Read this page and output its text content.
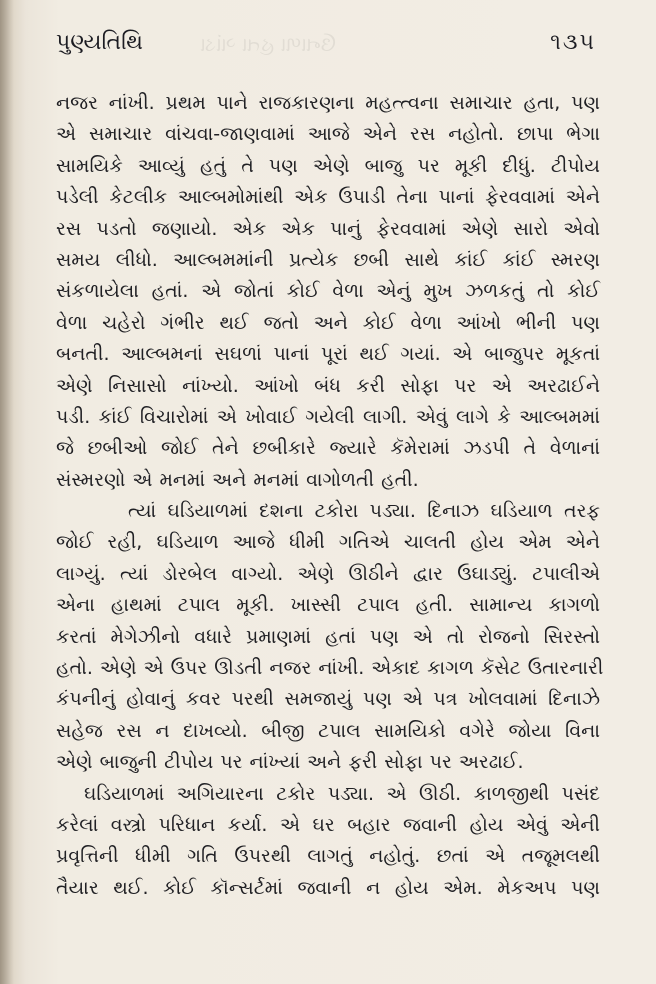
ઉનાળા હતા ગાંડા
પુણ્યતિથિ	૧૩૫
નજર નાંખી. પ્રથમ પાને રાજકારણના મહત્ત્વના સમાચાર હતા, પણ
એ સમાચાર વાંચવા-જાણવામાં આજે એને રસ નહોતો. છાપા ભેગા
સામયિકે આવ્યું હતું તે પણ એણે બાજુ પર મૂકી દીધું. ટીપોય
પડેલી કેટલીક આલ્બમોમાંથી એક ઉપાડી તેના પાનાં ફેરવવામાં એને
રસ પડતો જણાયો. એક એક પાનું ફેરવવામાં એણે સારો એવો
સમય લીધો. આલ્બમમાંની પ્રત્યેક છબી સાથે કાંઈ કાંઈ સ્મરણ
સંકળાયેલા હતાં. એ જોતાં કોઈ વેળા એનું મુખ ઝળકતું તો કોઈ
વેળા ચહેરો ગંભીર થઈ જતો અને કોઈ વેળા આંખો ભીની પણ
બનતી. આલ્બમનાં સઘળાં પાનાં પૂરાં થઈ ગયાં. એ બાજુપર મૂકતાં
એણે નિસાસો નાંખ્યો. આંખો બંધ કરી સોફા પર એ અરઢાઈને
પડી. કાંઈ વિચારોમાં એ ખોવાઈ ગયેલી લાગી. એવું લાગે કે આલ્બમમાં
જે છબીઓ જોઈ તેને છબીકારે જ્યારે કૅમેરામાં ઝડપી તે વેળાનાં
સંસ્મરણો એ મનમાં અને મનમાં વાગોળતી હતી.
ત્યાં ઘડિયાળમાં દશના ટકોરા પડ્યા. દિનાઝ ઘડિયાળ તરફ
જોઈ રહી, ઘડિયાળ આજે ધીમી ગતિએ ચાલતી હોય એમ એને
લાગ્યું. ત્યાં ડોરબેલ વાગ્યો. એણે ઊઠીને દ્વાર ઉઘાડ્યું. ટપાલીએ
એના હાથમાં ટપાલ મૂકી. ખાસ્સી ટપાલ હતી. સામાન્ય કાગળો
કરતાં મેગેઝીનો વધારે પ્રમાણમાં હતાં પણ એ તો રોજનો સિરસ્તો
હતો. એણે એ ઉપર ઊડતી નજર નાંખી. એકાદ કાગળ કૅસેટ ઉતારનારી
કંપનીનું હોવાનું કવર પરથી સમજાયું પણ એ પત્ર ખોલવામાં દિનાઝે
સહેજ રસ ન દાખવ્યો. બીજી ટપાલ સામયિકો વગેરે જોયા વિના
એણે બાજુની ટીપોય પર નાંખ્યાં અને ફરી સોફા પર અરઢાઈ.
ઘડિયાળમાં અગિયારના ટકોર પડ્યા. એ ઊઠી. કાળજીથી પસંદ
કરેલાં વસ્ત્રો પરિધાન કર્યા. એ ઘર બહાર જવાની હોય એવું એની
પ્રવૃત્તિની ધીમી ગતિ ઉપરથી લાગતું નહોતું. છતાં એ તજૂમલથી
તૈયાર થઈ. કોઈ કૉન્સર્ટમાં જવાની ન હોય એમ. મેકઅપ પણ
